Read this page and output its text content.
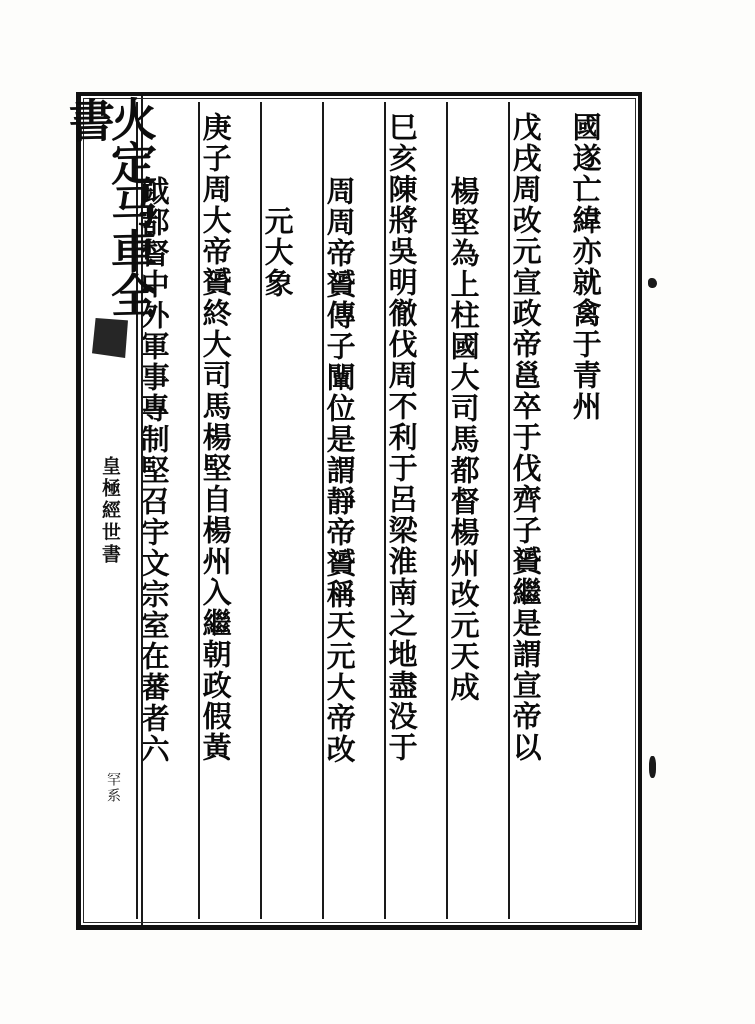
國遂亡緯亦就禽于青州
戊戌周改元宣政帝邕卒于伐齊子贇繼是謂宣帝以
楊堅為上柱國大司馬都督楊州改元天成
巳亥陳將吳明徹伐周不利于呂梁淮南之地盡没于
周周帝贇傳子闡位是謂靜帝贇稱天元大帝改
元大象
庚子周大帝贇終大司馬楊堅自楊州入繼朝政假黃
鉞都督中外軍事專制堅召宇文宗室在蕃者六
皇極經世書
罕系
火定马車全書
